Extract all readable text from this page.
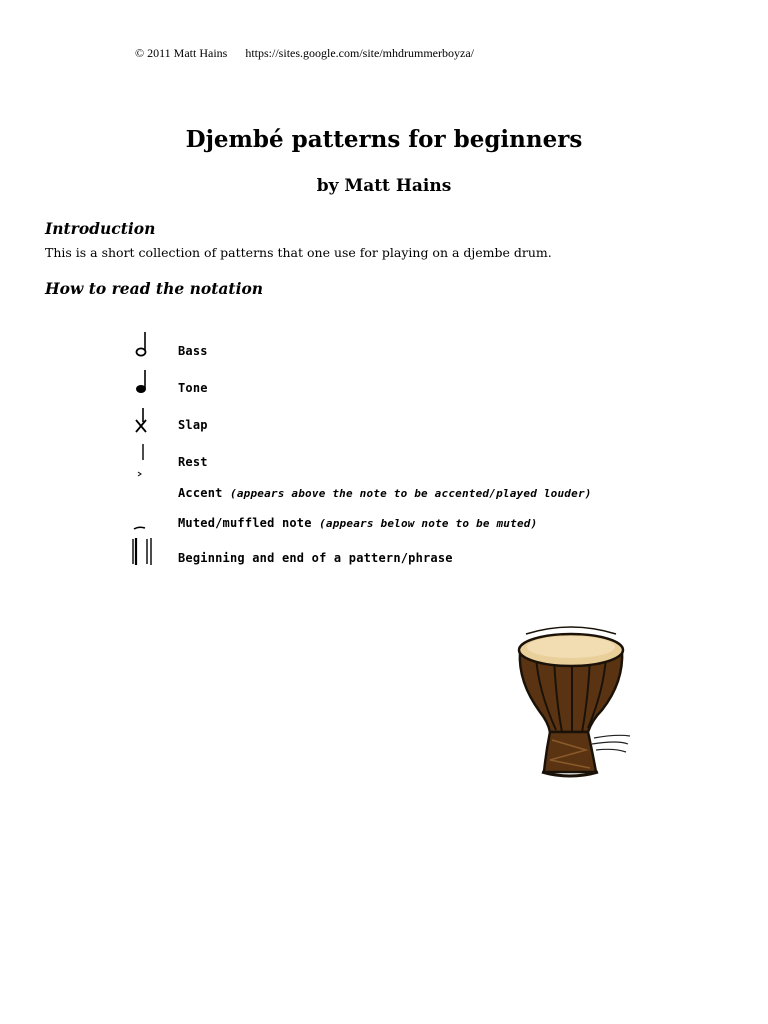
© 2011 Matt Hains https://sites.google.com/site/mhdrummerboyza/
Djembé patterns for beginners
by Matt Hains
Introduction

This is a short collection of patterns that one use for playing on a djembe drum.

How to read the notation
Bass
Tone
Slap
Rest
Accent (appears above the note to be accented/played louder)
Muted/muffled note (appears below note to be muted)
Beginning and end of a pattern/phrase
